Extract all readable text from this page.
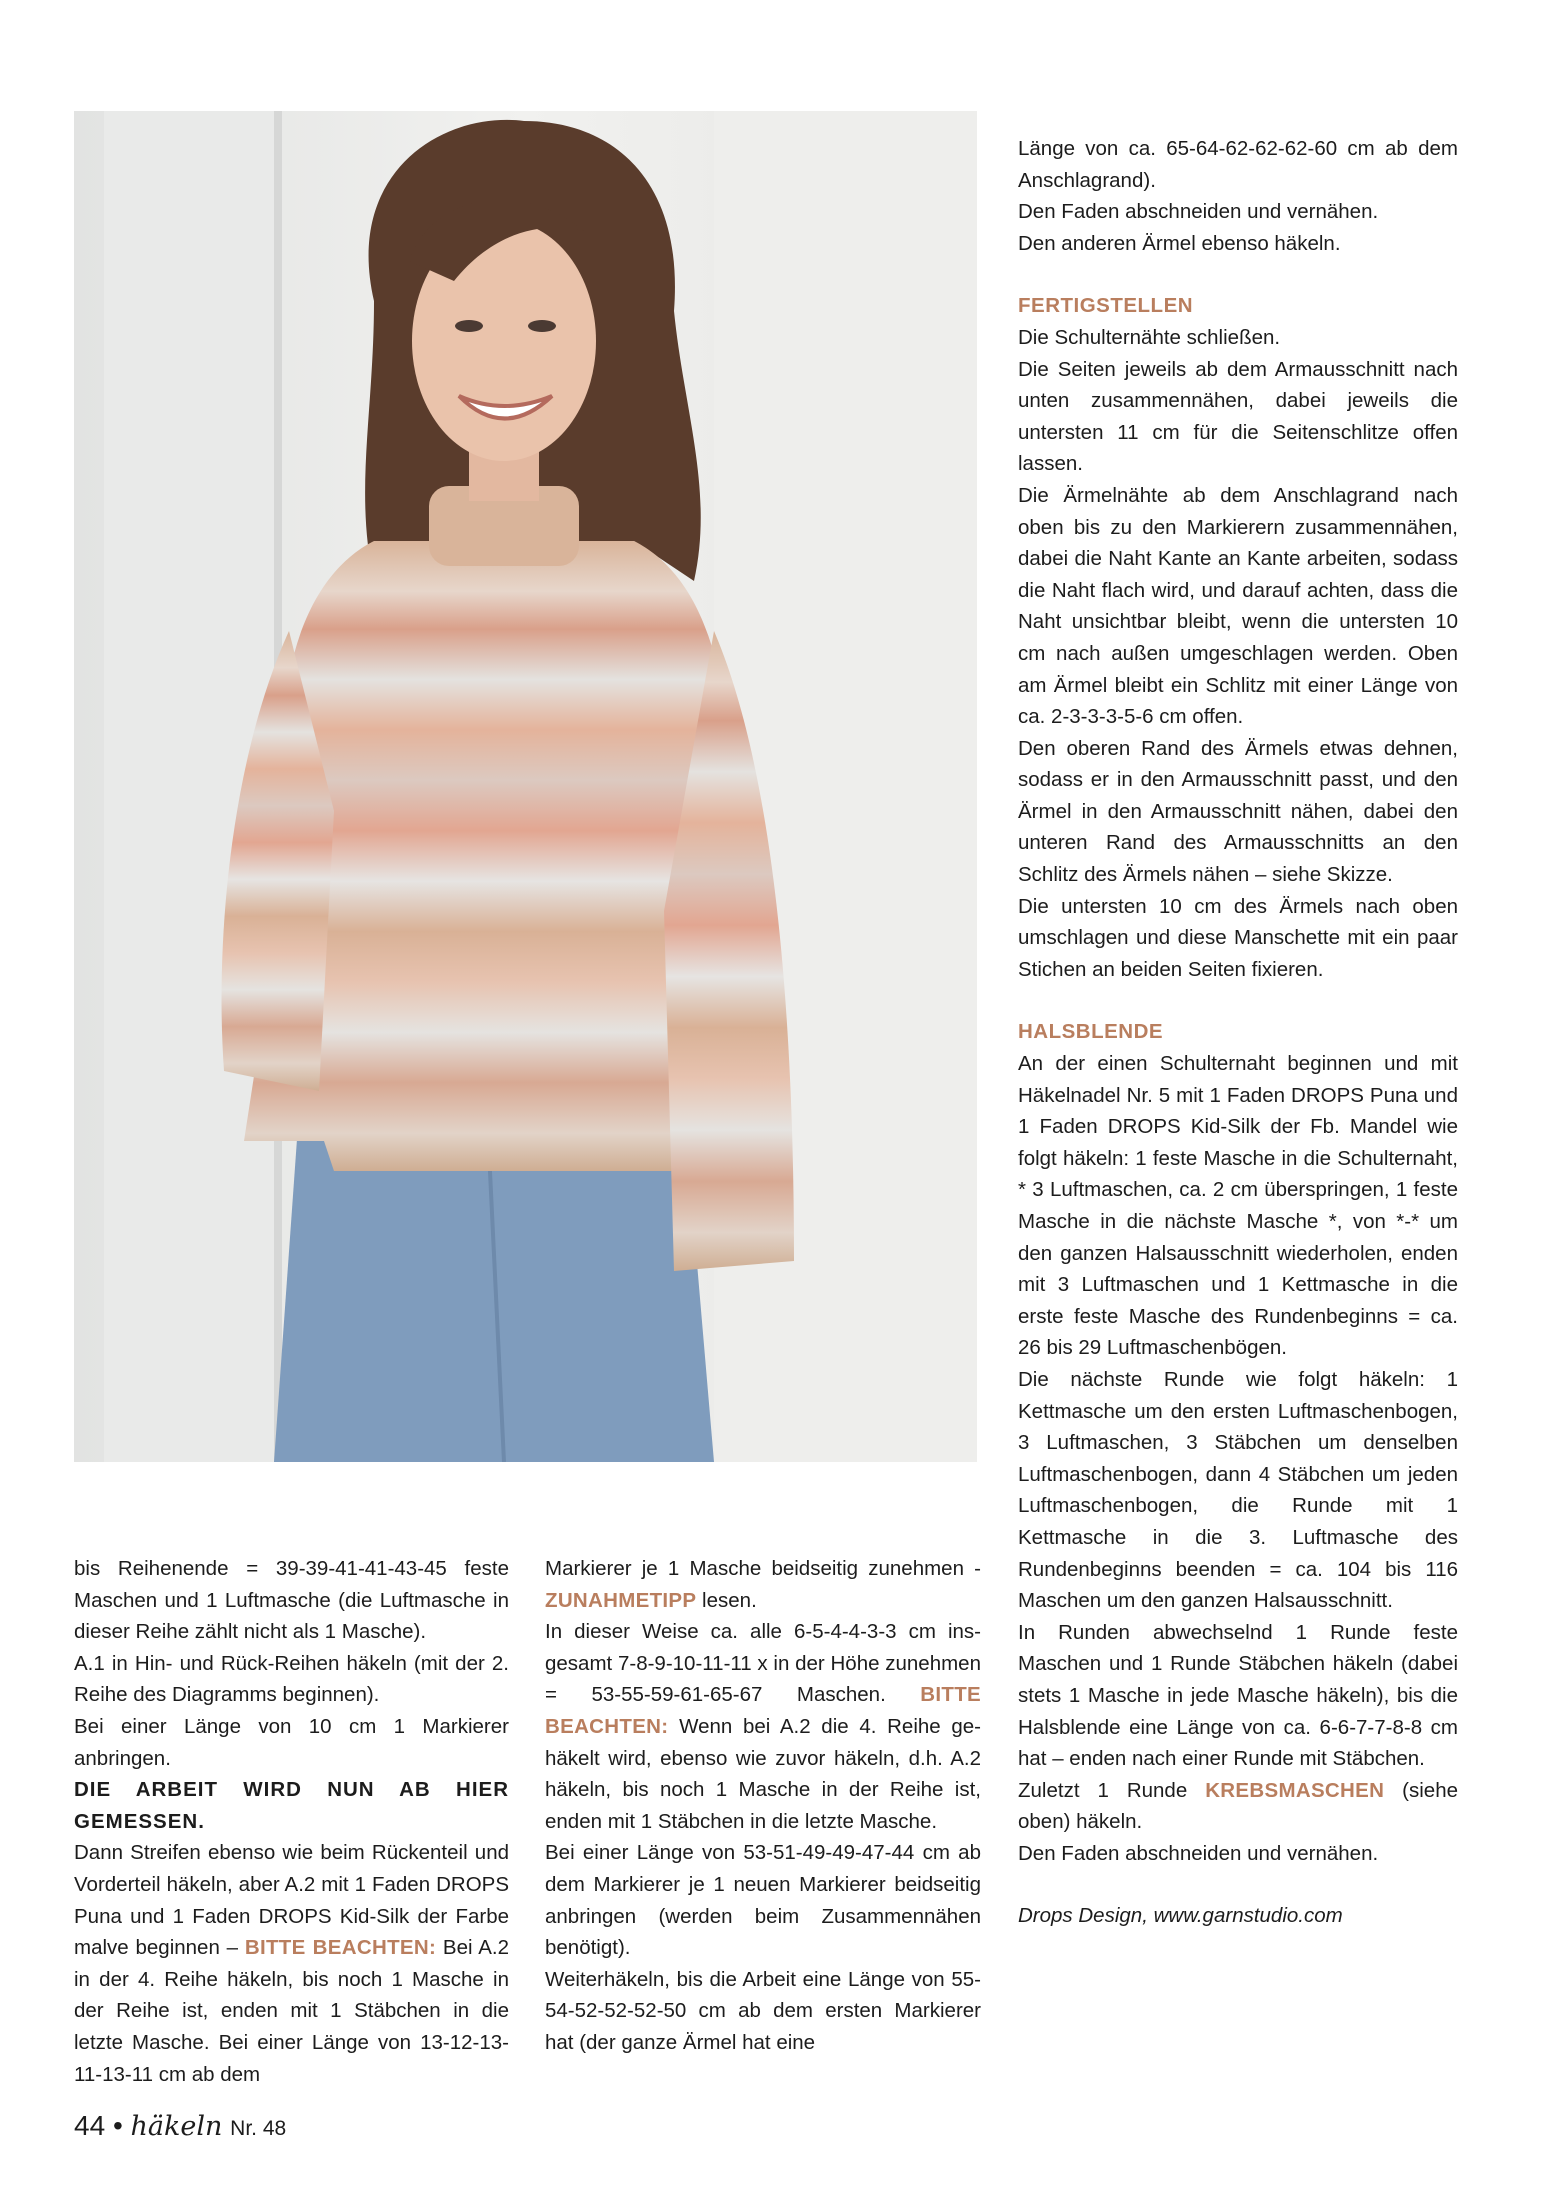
Länge von ca. 65-64-62-62-62-60 cm ab dem Anschlagrand).

Den Faden abschneiden und vernähen.

Den anderen Ärmel ebenso häkeln.

FERTIGSTELLEN

Die Schulternähte schließen.

Die Seiten jeweils ab dem Armausschnitt nach unten zusammennähen, dabei jeweils die untersten 11 cm für die Seitenschlitze offen lassen.

Die Ärmelnähte ab dem Anschlagrand nach oben bis zu den Markierern zusammennähen, dabei die Naht Kante an Kante arbeiten, sodass die Naht flach wird, und darauf achten, dass die Naht unsichtbar bleibt, wenn die untersten 10 cm nach außen umgeschlagen werden. Oben am Ärmel bleibt ein Schlitz mit einer Länge von ca. 2-3-3-3-5-6 cm offen.

Den oberen Rand des Ärmels etwas dehnen, sodass er in den Armausschnitt passt, und den Ärmel in den Armausschnitt nähen, dabei den unteren Rand des Armausschnitts an den Schlitz des Ärmels nähen – siehe Skizze.

Die untersten 10 cm des Ärmels nach oben umschlagen und diese Manschette mit ein paar Stichen an beiden Seiten fixieren.

HALSBLENDE

An der einen Schulternaht beginnen und mit Häkelnadel Nr. 5 mit 1 Faden DROPS Puna und 1 Faden DROPS Kid-Silk der Fb. Mandel wie folgt häkeln: 1 feste Masche in die Schulternaht, * 3 Luftmaschen, ca. 2 cm überspringen, 1 feste Masche in die nächste Masche *, von *-* um den ganzen Halsausschnitt wiederholen, enden mit 3 Luftmaschen und 1 Kettmasche in die erste feste Masche des Rundenbeginns = ca. 26 bis 29 Luftmaschenbögen.

Die nächste Runde wie folgt häkeln: 1 Kettmasche um den ersten Luftmaschenbogen, 3 Luftmaschen, 3 Stäbchen um denselben Luftmaschenbogen, dann 4 Stäbchen um jeden Luftmaschenbogen, die Runde mit 1 Kettmasche in die 3. Luftmasche des Rundenbeginns beenden = ca. 104 bis 116 Maschen um den ganzen Halsausschnitt.

In Runden abwechselnd 1 Runde feste Maschen und 1 Runde Stäbchen häkeln (dabei stets 1 Masche in jede Masche häkeln), bis die Halsblende eine Länge von ca. 6-6-7-7-8-8 cm hat – enden nach einer Runde mit Stäbchen.

Zuletzt 1 Runde KREBSMASCHEN (siehe oben) häkeln.

Den Faden abschneiden und vernähen.

Drops Design, www.garnstudio.com

bis Reihenende = 39-39-41-41-43-45 feste Maschen und 1 Luftmasche (die Luftmasche in dieser Reihe zählt nicht als 1 Masche).

A.1 in Hin- und Rück-Reihen häkeln (mit der 2. Reihe des Diagramms beginnen).

Bei einer Länge von 10 cm 1 Markierer anbringen.

DIE ARBEIT WIRD NUN AB HIER GEMESSEN.

Dann Streifen ebenso wie beim Rückenteil und Vorderteil häkeln, aber A.2 mit 1 Faden DROPS Puna und 1 Faden DROPS Kid-Silk der Farbe malve beginnen – BITTE BEACHTEN: Bei A.2 in der 4. Reihe häkeln, bis noch 1 Masche in der Reihe ist, enden mit 1 Stäbchen in die letzte Masche. Bei einer Länge von 13-12-13-11-13-11 cm ab dem

Markierer je 1 Masche beidseitig zunehmen - ZUNAHMETIPP lesen.

In dieser Weise ca. alle 6-5-4-4-3-3 cm insgesamt 7-8-9-10-11-11 x in der Höhe zunehmen = 53-55-59-61-65-67 Maschen. BITTE BEACHTEN: Wenn bei A.2 die 4. Reihe gehäkelt wird, ebenso wie zuvor häkeln, d.h. A.2 häkeln, bis noch 1 Masche in der Reihe ist, enden mit 1 Stäbchen in die letzte Masche.

Bei einer Länge von 53-51-49-49-47-44 cm ab dem Markierer je 1 neuen Markierer beidseitig anbringen (werden beim Zusammennähen benötigt).

Weiterhäkeln, bis die Arbeit eine Länge von 55-54-52-52-52-50 cm ab dem ersten Markierer hat (der ganze Ärmel hat eine

44 • häkeln Nr. 48
